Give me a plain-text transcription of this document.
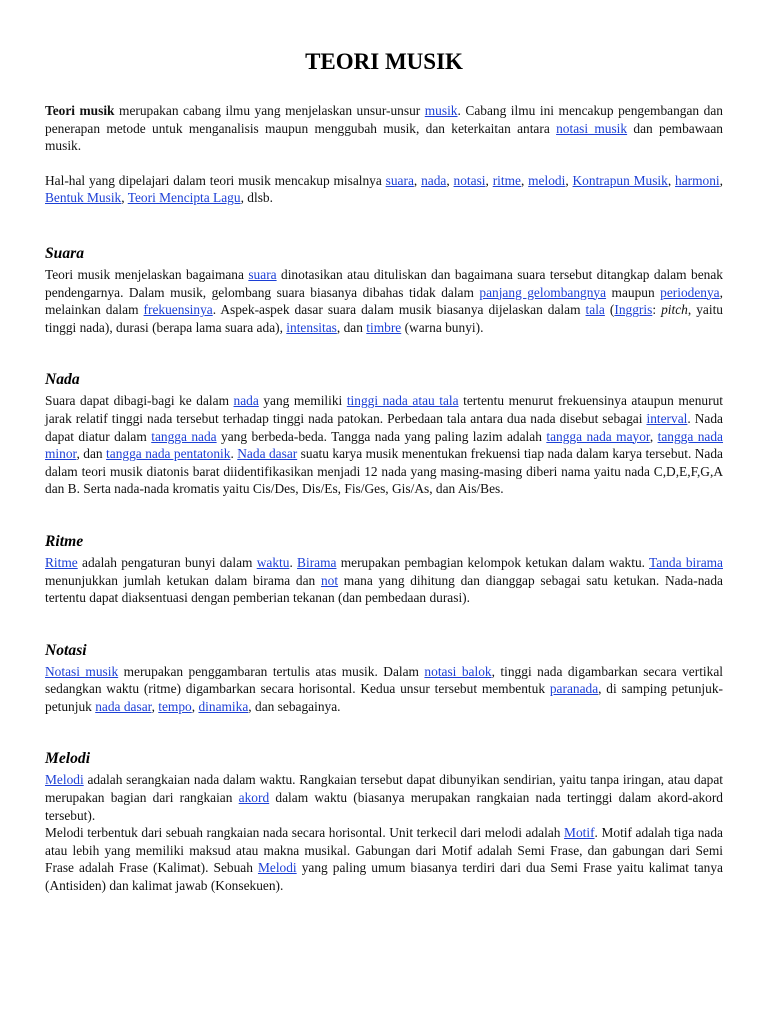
TEORI MUSIK

Teori musik merupakan cabang ilmu yang menjelaskan unsur-unsur musik. Cabang ilmu ini mencakup pengembangan dan penerapan metode untuk menganalisis maupun menggubah musik, dan keterkaitan antara notasi musik dan pembawaan musik.

Hal-hal yang dipelajari dalam teori musik mencakup misalnya suara, nada, notasi, ritme, melodi, Kontrapun Musik, harmoni, Bentuk Musik, Teori Mencipta Lagu, dlsb.

Suara

Teori musik menjelaskan bagaimana suara dinotasikan atau dituliskan dan bagaimana suara tersebut ditangkap dalam benak pendengarnya. Dalam musik, gelombang suara biasanya dibahas tidak dalam panjang gelombangnya maupun periodenya, melainkan dalam frekuensinya. Aspek-aspek dasar suara dalam musik biasanya dijelaskan dalam tala (Inggris: pitch, yaitu tinggi nada), durasi (berapa lama suara ada), intensitas, dan timbre (warna bunyi).

Nada

Suara dapat dibagi-bagi ke dalam nada yang memiliki tinggi nada atau tala tertentu menurut frekuensinya ataupun menurut jarak relatif tinggi nada tersebut terhadap tinggi nada patokan. Perbedaan tala antara dua nada disebut sebagai interval. Nada dapat diatur dalam tangga nada yang berbeda-beda. Tangga nada yang paling lazim adalah tangga nada mayor, tangga nada minor, dan tangga nada pentatonik. Nada dasar suatu karya musik menentukan frekuensi tiap nada dalam karya tersebut. Nada dalam teori musik diatonis barat diidentifikasikan menjadi 12 nada yang masing-masing diberi nama yaitu nada C,D,E,F,G,A dan B. Serta nada-nada kromatis yaitu Cis/Des, Dis/Es, Fis/Ges, Gis/As, dan Ais/Bes.

Ritme

Ritme adalah pengaturan bunyi dalam waktu. Birama merupakan pembagian kelompok ketukan dalam waktu. Tanda birama menunjukkan jumlah ketukan dalam birama dan not mana yang dihitung dan dianggap sebagai satu ketukan. Nada-nada tertentu dapat diaksentuasi dengan pemberian tekanan (dan pembedaan durasi).

Notasi

Notasi musik merupakan penggambaran tertulis atas musik. Dalam notasi balok, tinggi nada digambarkan secara vertikal sedangkan waktu (ritme) digambarkan secara horisontal. Kedua unsur tersebut membentuk paranada, di samping petunjuk-petunjuk nada dasar, tempo, dinamika, dan sebagainya.

Melodi

Melodi adalah serangkaian nada dalam waktu. Rangkaian tersebut dapat dibunyikan sendirian, yaitu tanpa iringan, atau dapat merupakan bagian dari rangkaian akord dalam waktu (biasanya merupakan rangkaian nada tertinggi dalam akord-akord tersebut).

Melodi terbentuk dari sebuah rangkaian nada secara horisontal. Unit terkecil dari melodi adalah Motif. Motif adalah tiga nada atau lebih yang memiliki maksud atau makna musikal. Gabungan dari Motif adalah Semi Frase, dan gabungan dari Semi Frase adalah Frase (Kalimat). Sebuah Melodi yang paling umum biasanya terdiri dari dua Semi Frase yaitu kalimat tanya (Antisiden) dan kalimat jawab (Konsekuen).
